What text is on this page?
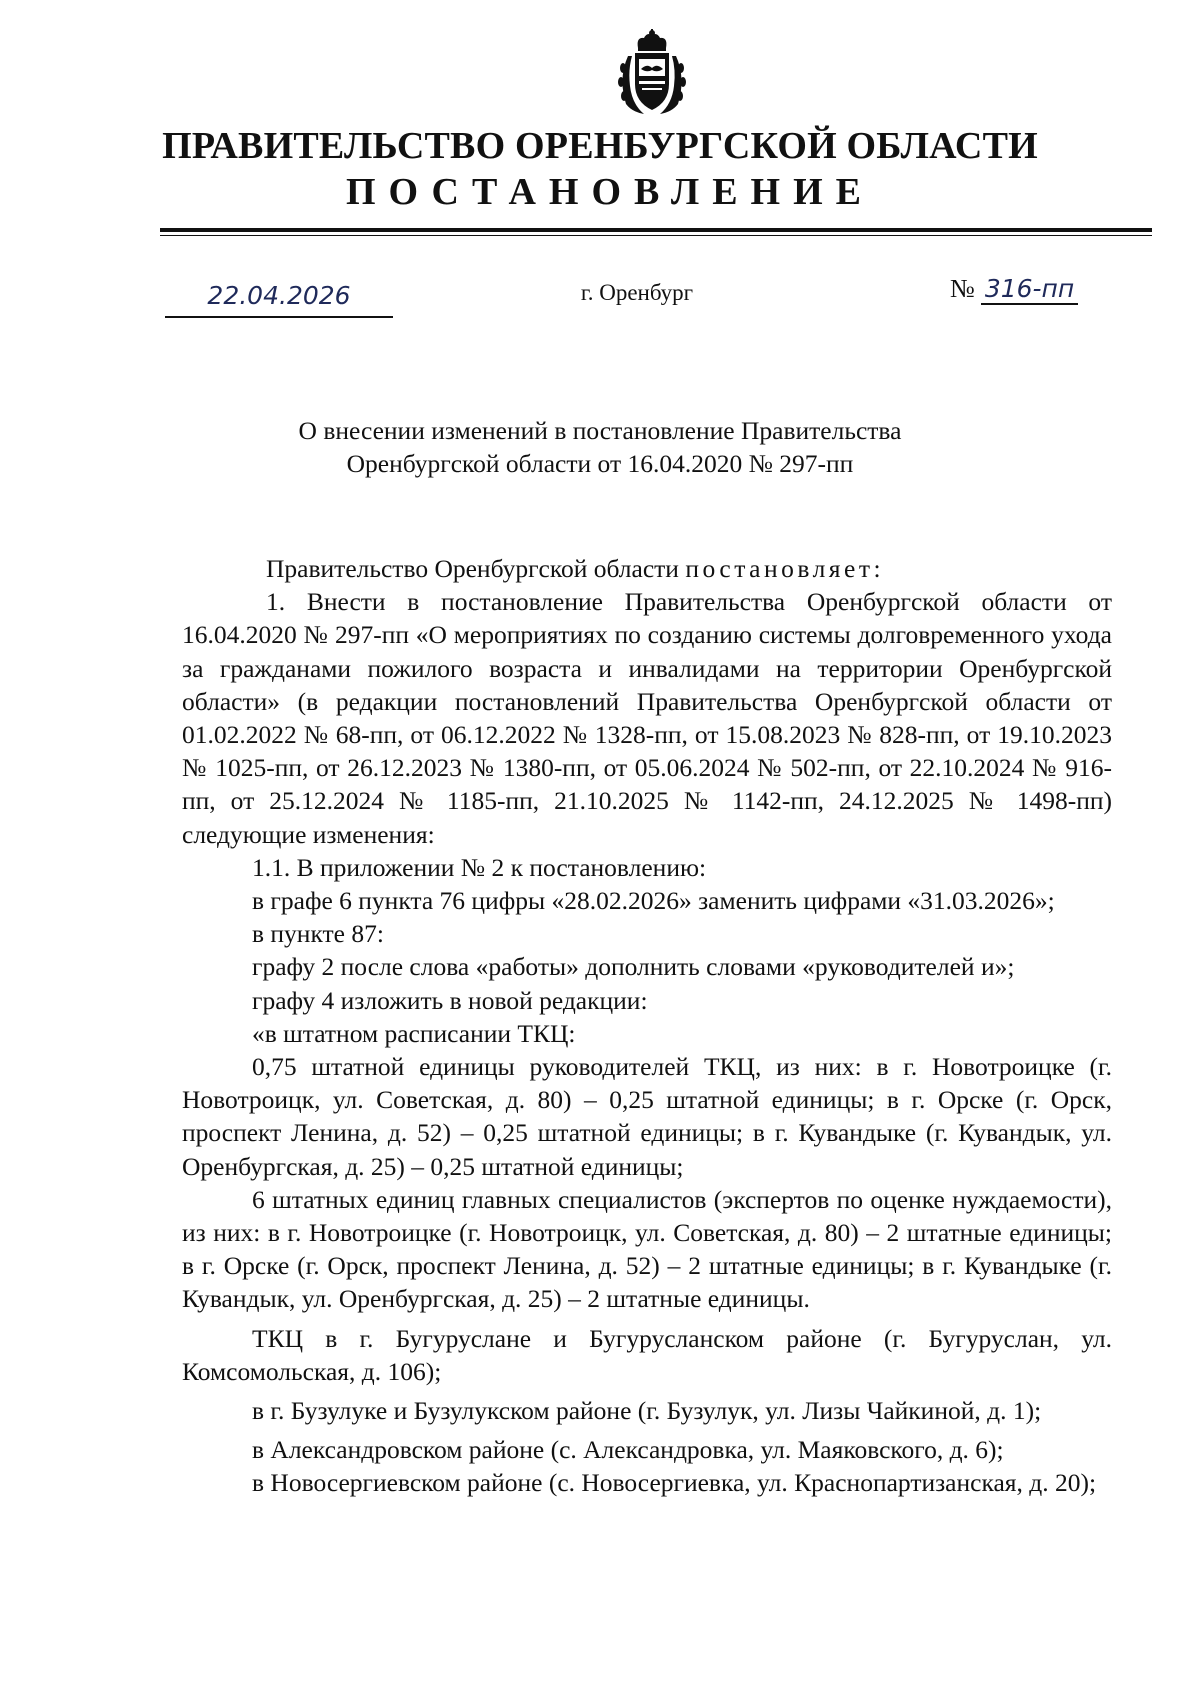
ПРАВИТЕЛЬСТВО ОРЕНБУРГСКОЙ ОБЛАСТИ
ПОСТАНОВЛЕНИЕ
22.04.2026	г. Оренбург	№ 316-пп
О внесении изменений в постановление Правительства
Оренбургской области от 16.04.2020 № 297-пп

Правительство Оренбургской области постановляет:

1. Внести в постановление Правительства Оренбургской области от 16.04.2020 № 297-пп «О мероприятиях по созданию системы долговременного ухода за гражданами пожилого возраста и инвалидами на территории Оренбургской области» (в редакции постановлений Правительства Оренбургской области от 01.02.2022 № 68-пп, от 06.12.2022 № 1328-пп, от 15.08.2023 № 828-пп, от 19.10.2023 № 1025-пп, от 26.12.2023 № 1380-пп, от 05.06.2024 № 502-пп, от 22.10.2024 № 916-пп, от 25.12.2024 № 1185-пп, 21.10.2025 № 1142-пп, 24.12.2025 № 1498-пп) следующие изменения:

1.1. В приложении № 2 к постановлению:

в графе 6 пункта 76 цифры «28.02.2026» заменить цифрами «31.03.2026»;

в пункте 87:

графу 2 после слова «работы» дополнить словами «руководителей и»;

графу 4 изложить в новой редакции:

«в штатном расписании ТКЦ:

0,75 штатной единицы руководителей ТКЦ, из них: в г. Новотроицке (г. Новотроицк, ул. Советская, д. 80) – 0,25 штатной единицы; в г. Орске (г. Орск, проспект Ленина, д. 52) – 0,25 штатной единицы; в г. Кувандыке (г. Кувандык, ул. Оренбургская, д. 25) – 0,25 штатной единицы;

6 штатных единиц главных специалистов (экспертов по оценке нуждаемости), из них: в г. Новотроицке (г. Новотроицк, ул. Советская, д. 80) – 2 штатные единицы; в г. Орске (г. Орск, проспект Ленина, д. 52) – 2 штатные единицы; в г. Кувандыке (г. Кувандык, ул. Оренбургская, д. 25) – 2 штатные единицы.

ТКЦ в г. Бугуруслане и Бугурусланском районе (г. Бугуруслан, ул. Комсомольская, д. 106);

в г. Бузулуке и Бузулукском районе (г. Бузулук, ул. Лизы Чайкиной, д. 1);

в Александровском районе (с. Александровка, ул. Маяковского, д. 6);

в Новосергиевском районе (с. Новосергиевка, ул. Краснопартизанская, д. 20);
